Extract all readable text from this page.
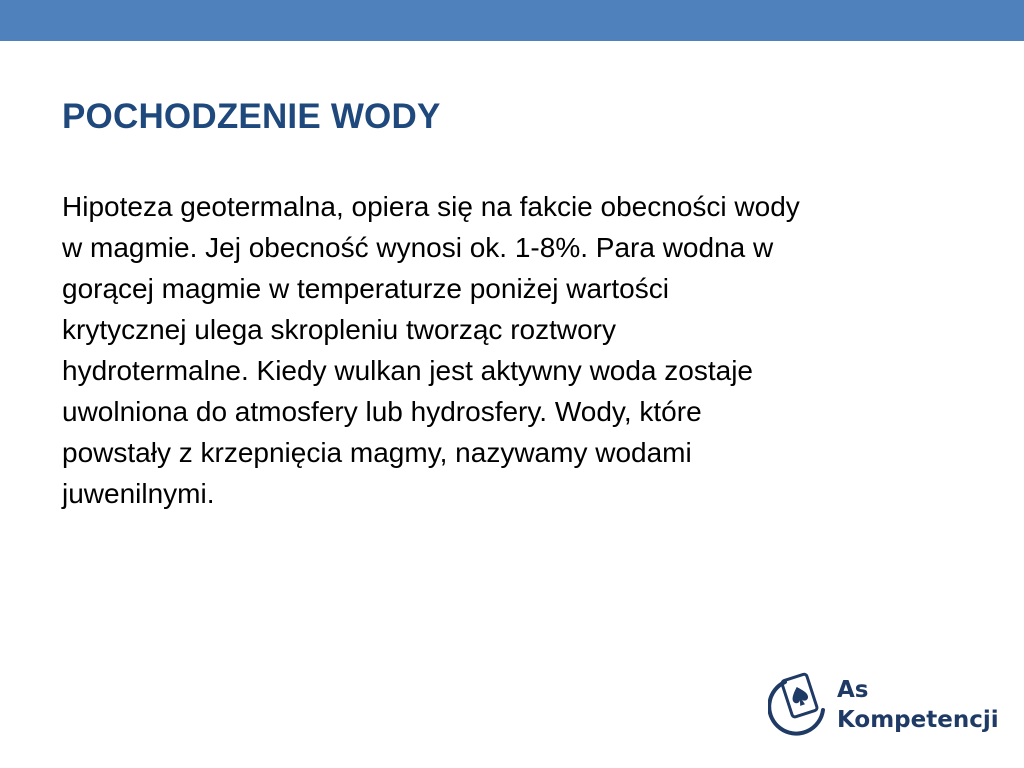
POCHODZENIE WODY

Hipoteza geotermalna, opiera się na fakcie obecności wody
w magmie. Jej obecność wynosi ok. 1-8%. Para wodna w
gorącej magmie w temperaturze poniżej wartości
krytycznej ulega skropleniu tworząc roztwory
hydrotermalne. Kiedy wulkan jest aktywny woda zostaje
uwolniona do atmosfery lub hydrosfery. Wody, które
powstały z krzepnięcia magmy, nazywamy wodami
juwenilnymi.

As
Kompetencji
